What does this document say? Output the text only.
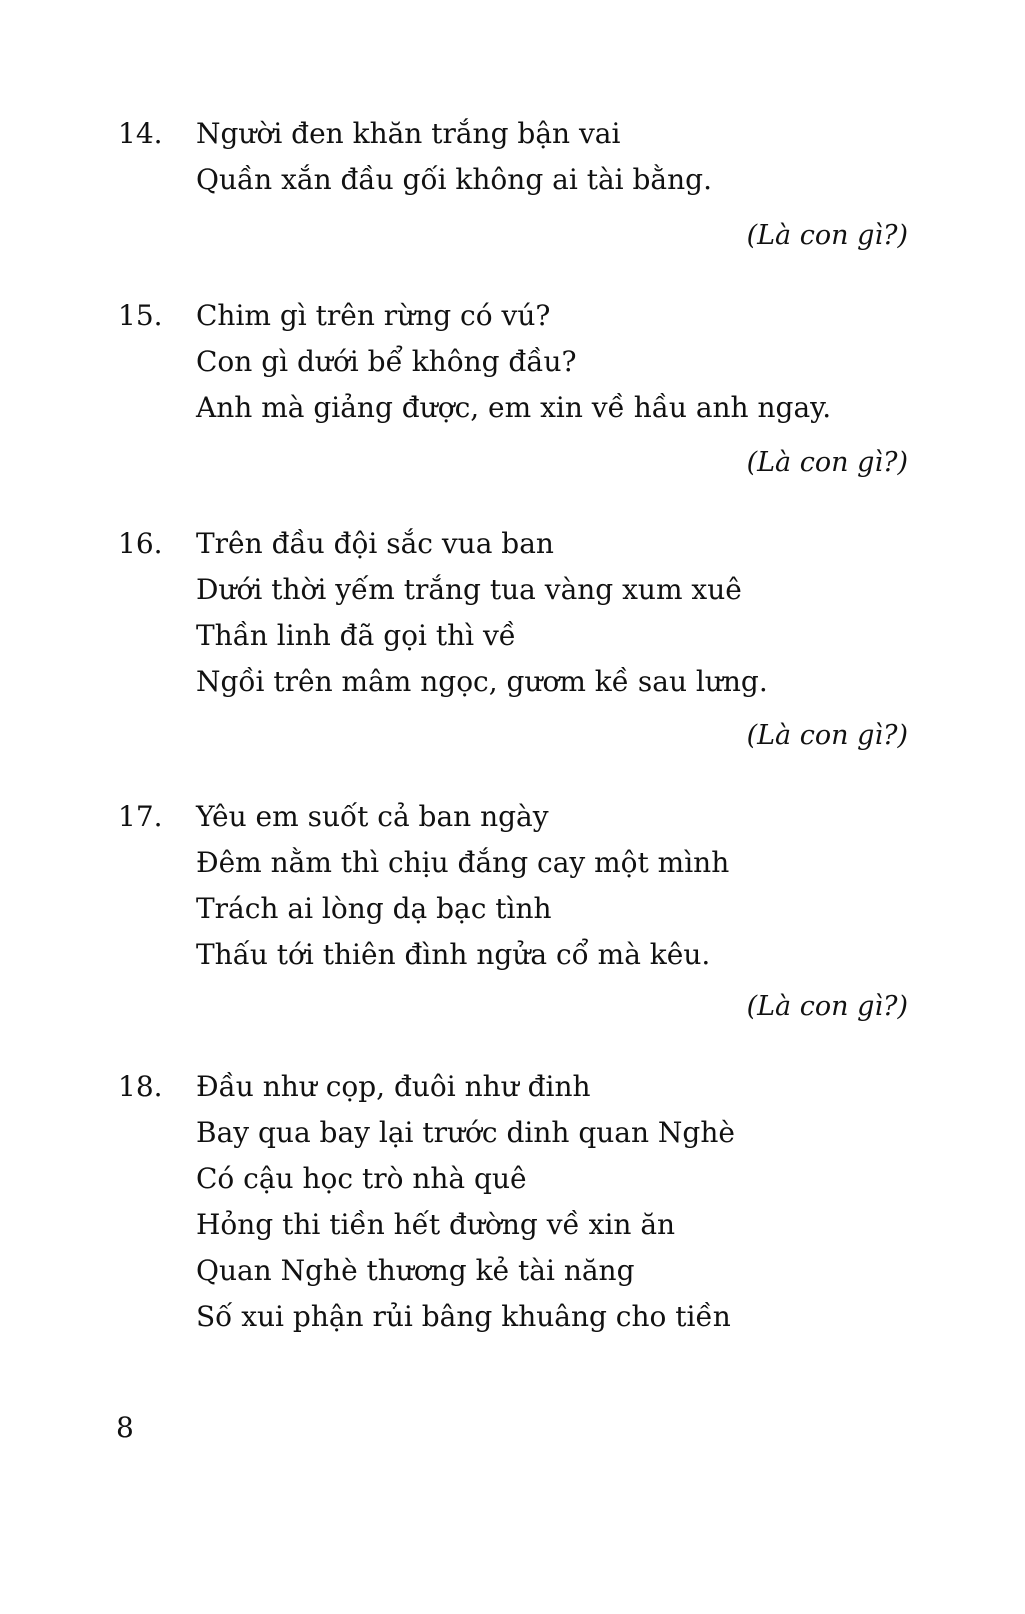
14. Người đen khăn trắng bận vai
Quần xắn đầu gối không ai tài bằng.
(Là con gì?)
15. Chim gì trên rừng có vú?
Con gì dưới bể không đầu?
Anh mà giảng được, em xin về hầu anh ngay.
(Là con gì?)
16. Trên đầu đội sắc vua ban
Dưới thời yếm trắng tua vàng xum xuê
Thần linh đã gọi thì về
Ngồi trên mâm ngọc, gươm kề sau lưng.
(Là con gì?)
17. Yêu em suốt cả ban ngày
Đêm nằm thì chịu đắng cay một mình
Trách ai lòng dạ bạc tình
Thấu tới thiên đình ngửa cổ mà kêu.
(Là con gì?)
18. Đầu như cọp, đuôi như đinh
Bay qua bay lại trước dinh quan Nghè
Có cậu học trò nhà quê
Hỏng thi tiền hết đường về xin ăn
Quan Nghè thương kẻ tài năng
Số xui phận rủi bâng khuâng cho tiền
8
